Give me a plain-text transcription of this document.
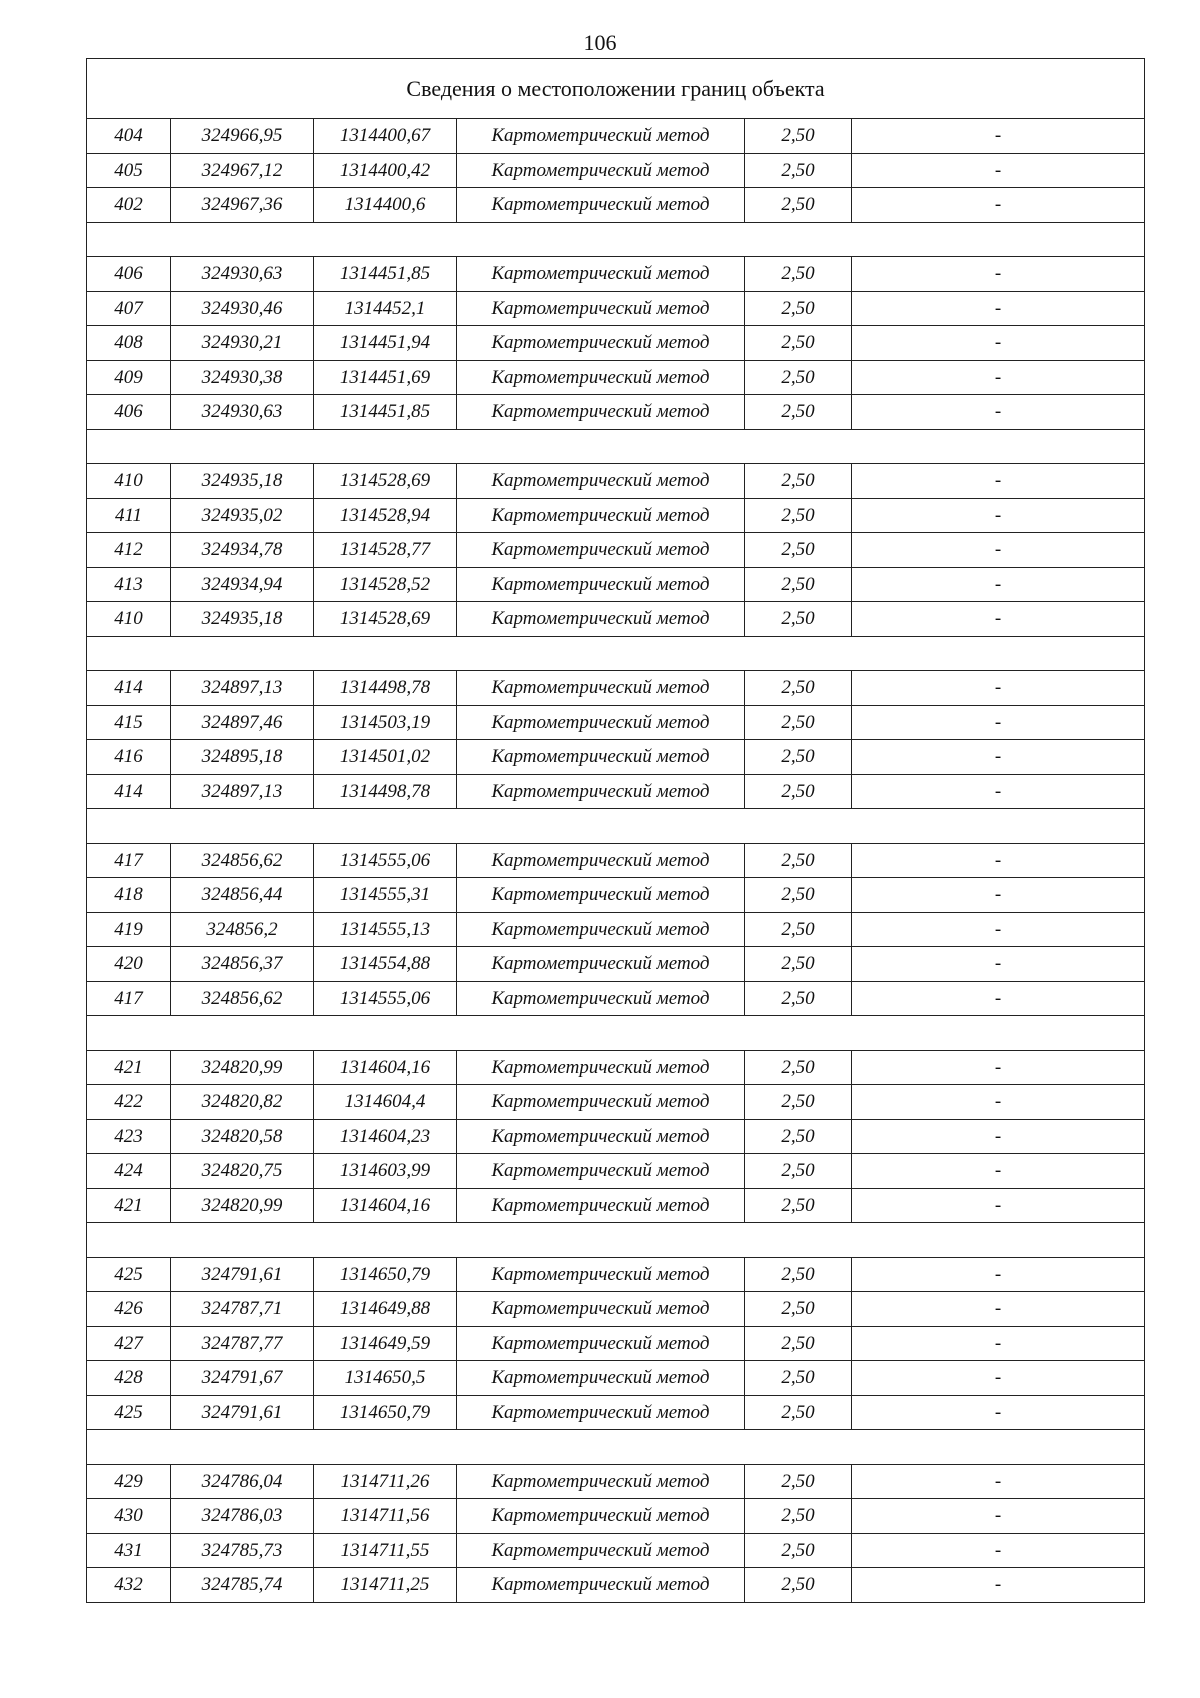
106
Сведения о местоположении границ объекта					
404	324966,95	1314400,67	Картометрический метод	2,50	-
405	324967,12	1314400,42	Картометрический метод	2,50	-
402	324967,36	1314400,6	Картометрический метод	2,50	-

406	324930,63	1314451,85	Картометрический метод	2,50	-
407	324930,46	1314452,1	Картометрический метод	2,50	-
408	324930,21	1314451,94	Картометрический метод	2,50	-
409	324930,38	1314451,69	Картометрический метод	2,50	-
406	324930,63	1314451,85	Картометрический метод	2,50	-

410	324935,18	1314528,69	Картометрический метод	2,50	-
411	324935,02	1314528,94	Картометрический метод	2,50	-
412	324934,78	1314528,77	Картометрический метод	2,50	-
413	324934,94	1314528,52	Картометрический метод	2,50	-
410	324935,18	1314528,69	Картометрический метод	2,50	-

414	324897,13	1314498,78	Картометрический метод	2,50	-
415	324897,46	1314503,19	Картометрический метод	2,50	-
416	324895,18	1314501,02	Картометрический метод	2,50	-
414	324897,13	1314498,78	Картометрический метод	2,50	-

417	324856,62	1314555,06	Картометрический метод	2,50	-
418	324856,44	1314555,31	Картометрический метод	2,50	-
419	324856,2	1314555,13	Картометрический метод	2,50	-
420	324856,37	1314554,88	Картометрический метод	2,50	-
417	324856,62	1314555,06	Картометрический метод	2,50	-

421	324820,99	1314604,16	Картометрический метод	2,50	-
422	324820,82	1314604,4	Картометрический метод	2,50	-
423	324820,58	1314604,23	Картометрический метод	2,50	-
424	324820,75	1314603,99	Картометрический метод	2,50	-
421	324820,99	1314604,16	Картометрический метод	2,50	-

425	324791,61	1314650,79	Картометрический метод	2,50	-
426	324787,71	1314649,88	Картометрический метод	2,50	-
427	324787,77	1314649,59	Картометрический метод	2,50	-
428	324791,67	1314650,5	Картометрический метод	2,50	-
425	324791,61	1314650,79	Картометрический метод	2,50	-

429	324786,04	1314711,26	Картометрический метод	2,50	-
430	324786,03	1314711,56	Картометрический метод	2,50	-
431	324785,73	1314711,55	Картометрический метод	2,50	-
432	324785,74	1314711,25	Картометрический метод	2,50	-
